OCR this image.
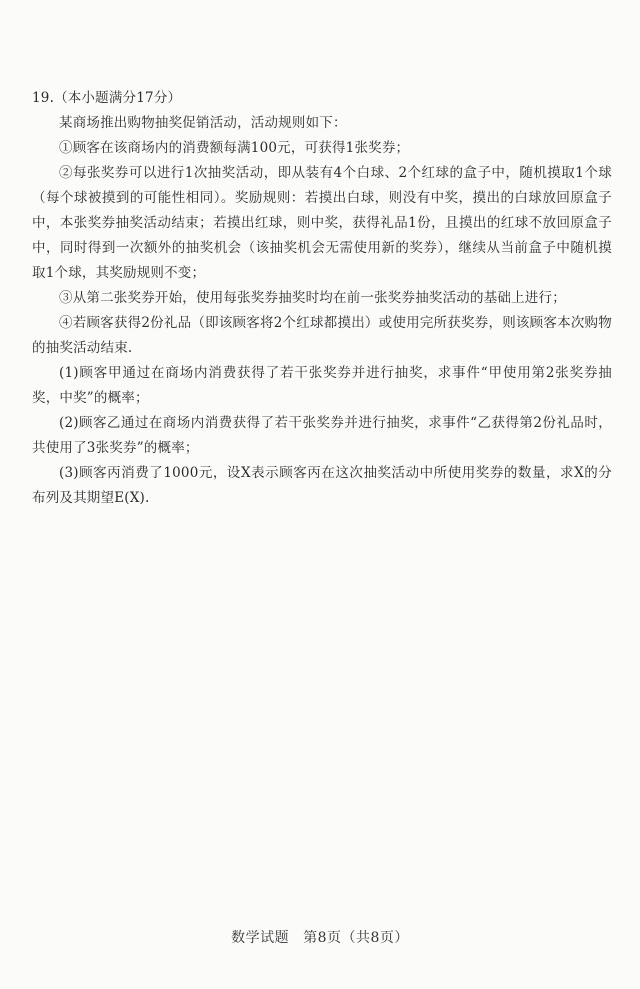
19.（本小题满分17分）

某商场推出购物抽奖促销活动，活动规则如下：

①顾客在该商场内的消费额每满100元，可获得1张奖券；

②每张奖券可以进行1次抽奖活动，即从装有4个白球、2个红球的盒子中，随机摸取1个球（每个球被摸到的可能性相同）。奖励规则：若摸出白球，则没有中奖，摸出的白球放回原盒子中，本张奖券抽奖活动结束；若摸出红球，则中奖，获得礼品1份，且摸出的红球不放回原盒子中，同时得到一次额外的抽奖机会（该抽奖机会无需使用新的奖券），继续从当前盒子中随机摸取1个球，其奖励规则不变；

③从第二张奖券开始，使用每张奖券抽奖时均在前一张奖券抽奖活动的基础上进行；

④若顾客获得2份礼品（即该顾客将2个红球都摸出）或使用完所获奖券，则该顾客本次购物的抽奖活动结束.

(1)顾客甲通过在商场内消费获得了若干张奖券并进行抽奖，求事件“甲使用第2张奖券抽奖，中奖”的概率；

(2)顾客乙通过在商场内消费获得了若干张奖券并进行抽奖，求事件“乙获得第2份礼品时，共使用了3张奖券”的概率；

(3)顾客丙消费了1000元，设X表示顾客丙在这次抽奖活动中所使用奖券的数量，求X的分布列及其期望E(X).

数学试题 第8页（共8页）
